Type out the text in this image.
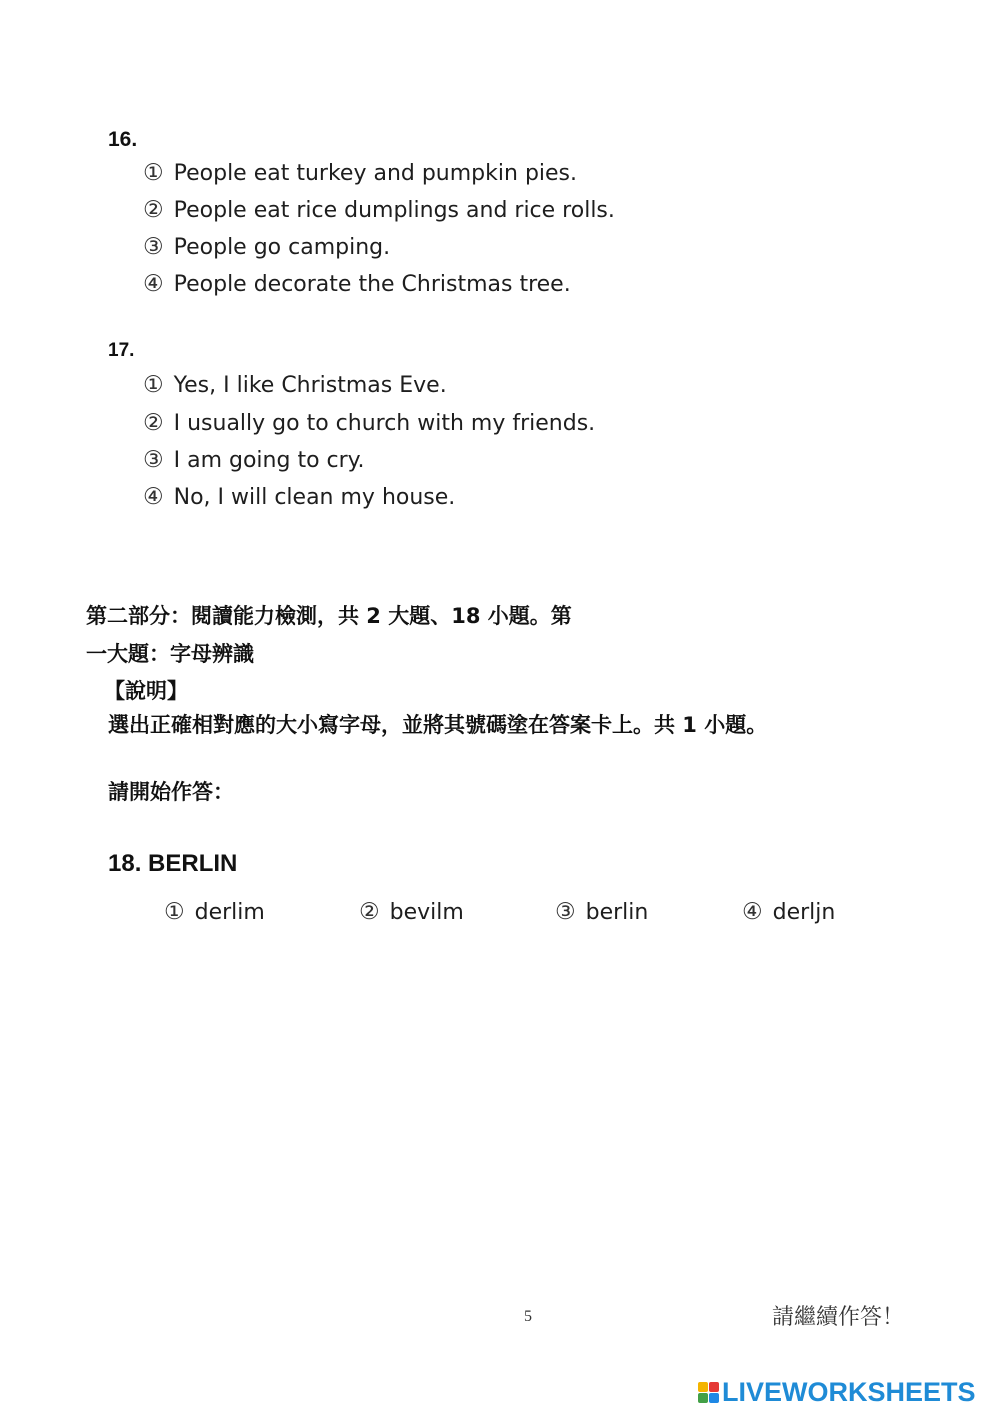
16.
① People eat turkey and pumpkin pies.
② People eat rice dumplings and rice rolls.
③ People go camping.
④ People decorate the Christmas tree.
17.
① Yes, I like Christmas Eve.
② I usually go to church with my friends.
③ I am going to cry.
④ No, I will clean my house.
第二部分：閱讀能力檢測，共 2 大題、18 小題。第
一大題：字母辨識
【說明】
選出正確相對應的大小寫字母，並將其號碼塗在答案卡上。共 1 小題。
請開始作答：
18. BERLIN
① derlim	② bevilm	③ berlin	④ derljn
5	請繼續作答！
LIVEWORKSHEETS
